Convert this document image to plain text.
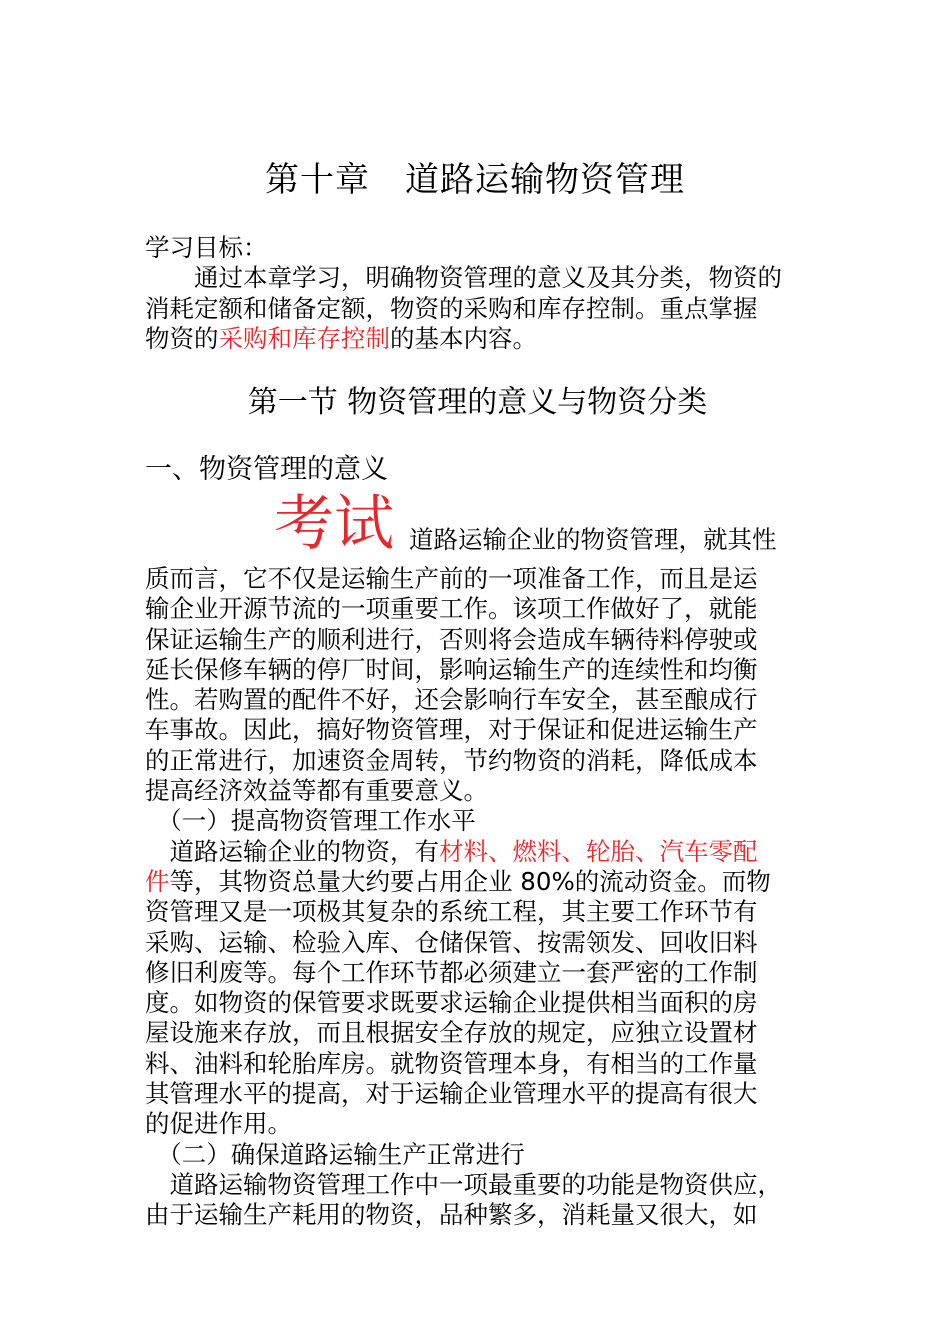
第十章　道路运输物资管理
学习目标：
　　通过本章学习，明确物资管理的意义及其分类，物资的
消耗定额和储备定额，物资的采购和库存控制。重点掌握
物资的采购和库存控制的基本内容。
第一节 物资管理的意义与物资分类
一、物资管理的意义
考试 道路运输企业的物资管理，就其性
质而言，它不仅是运输生产前的一项准备工作，而且是运
输企业开源节流的一项重要工作。该项工作做好了，就能
保证运输生产的顺利进行，否则将会造成车辆待料停驶或
延长保修车辆的停厂时间，影响运输生产的连续性和均衡
性。若购置的配件不好，还会影响行车安全，甚至酿成行
车事故。因此，搞好物资管理，对于保证和促进运输生产
的正常进行，加速资金周转，节约物资的消耗，降低成本
提高经济效益等都有重要意义。
　（一）提高物资管理工作水平
　道路运输企业的物资，有材料、燃料、轮胎、汽车零配
件等，其物资总量大约要占用企业 80%的流动资金。而物
资管理又是一项极其复杂的系统工程，其主要工作环节有
采购、运输、检验入库、仓储保管、按需领发、回收旧料
修旧利废等。每个工作环节都必须建立一套严密的工作制
度。如物资的保管要求既要求运输企业提供相当面积的房
屋设施来存放，而且根据安全存放的规定，应独立设置材
料、油料和轮胎库房。就物资管理本身，有相当的工作量
其管理水平的提高，对于运输企业管理水平的提高有很大
的促进作用。
　（二）确保道路运输生产正常进行
　道路运输物资管理工作中一项最重要的功能是物资供应，
由于运输生产耗用的物资，品种繁多，消耗量又很大，如
